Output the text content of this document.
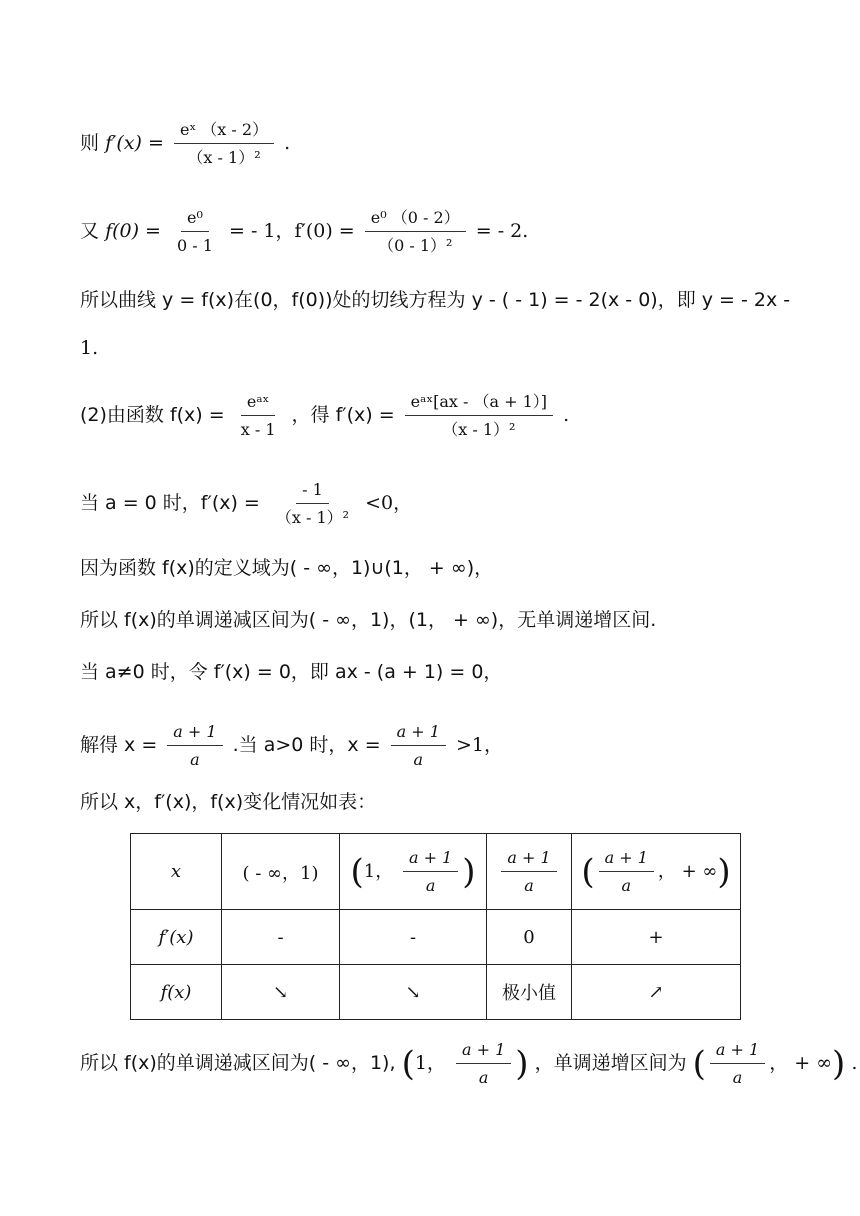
则 $f'(x) = \frac{\text{eˣ （x - 2）}}{\text{（x - 1）²}}$ .
又 $f(0) = \frac{\text{e⁰}}{0 - 1}$ = - 1，$f'(0) = \frac{\text{e⁰ （0 - 2）}}{\text{（0 - 1）²}}$ = - 2.
所以曲线 y = f(x)在(0，f(0))处的切线方程为 y - ( - 1) = - 2(x - 0)，即 y = - 2x -
1.
(2)由函数 $f(x) = \frac{\text{eᵃˣ}}{x - 1}$ ，得 $f'(x) = \frac{\text{eᵃˣ[ax - （a + 1）]}}{\text{（x - 1）²}}$ .
当 a = 0 时，$f'(x) = \frac{- 1}{\text{（x - 1）²}} <0$，
因为函数 f(x)的定义域为( - ∞，1)∪(1， + ∞)，
所以 f(x)的单调递减区间为( - ∞，1)，(1， + ∞)，无单调递增区间.
当 a≠0 时，令 f′(x) = 0，即 ax - (a + 1) = 0，
解得 $x = \frac{a + 1}{a}$ .当 a>0 时，$x = \frac{a + 1}{a} >1$，
所以 x，f′(x)，f(x)变化情况如表：
x	( - ∞，1)	(1， $\frac{a + 1}{a}$ )	$\frac{a + 1}{a}$	( $\frac{a + 1}{a}$ ， + ∞)
f′(x)	-	-	0	+
f(x)	↘	↘	极小值	↗
所以 f(x)的单调递减区间为( - ∞，1), (1， $\frac{a + 1}{a}$ ) ，单调递增区间为 ( $\frac{a + 1}{a}$ ， + ∞) .
